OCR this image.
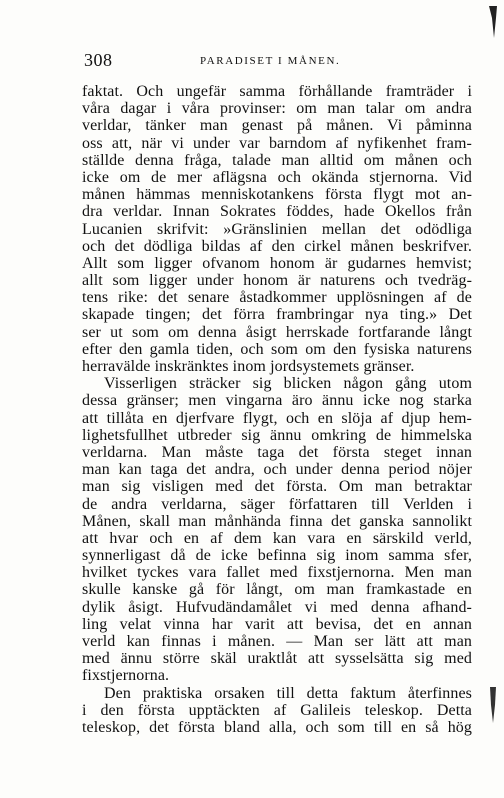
308	PARADISET I MÅNEN.
faktat. Och ungefär samma förhållande framträder i
våra dagar i våra provinser: om man talar om andra
verldar, tänker man genast på månen. Vi påminna
oss att, när vi under var barndom af nyfikenhet fram-
ställde denna fråga, talade man alltid om månen och
icke om de mer aflägsna och okända stjernorna. Vid
månen hämmas menniskotankens första flygt mot an-
dra verldar. Innan Sokrates föddes, hade Okellos från
Lucanien skrifvit: »Gränslinien mellan det odödliga
och det dödliga bildas af den cirkel månen beskrifver.
Allt som ligger ofvanom honom är gudarnes hemvist;
allt som ligger under honom är naturens och tvedräg-
tens rike: det senare åstadkommer upplösningen af de
skapade tingen; det förra frambringar nya ting.» Det
ser ut som om denna åsigt herrskade fortfarande långt
efter den gamla tiden, och som om den fysiska naturens
herravälde inskränktes inom jordsystemets gränser.
Visserligen sträcker sig blicken någon gång utom
dessa gränser; men vingarna äro ännu icke nog starka
att tillåta en djerfvare flygt, och en slöja af djup hem-
lighetsfullhet utbreder sig ännu omkring de himmelska
verldarna. Man måste taga det första steget innan
man kan taga det andra, och under denna period nöjer
man sig visligen med det första. Om man betraktar
de andra verldarna, säger författaren till Verlden i
Månen, skall man månhända finna det ganska sannolikt
att hvar och en af dem kan vara en särskild verld,
synnerligast då de icke befinna sig inom samma sfer,
hvilket tyckes vara fallet med fixstjernorna. Men man
skulle kanske gå för långt, om man framkastade en
dylik åsigt. Hufvudändamålet vi med denna afhand-
ling velat vinna har varit att bevisa, det en annan
verld kan finnas i månen. — Man ser lätt att man
med ännu större skäl uraktlåt att sysselsätta sig med
fixstjernorna.
Den praktiska orsaken till detta faktum återfinnes
i den första upptäckten af Galileis teleskop. Detta
teleskop, det första bland alla, och som till en så hög
